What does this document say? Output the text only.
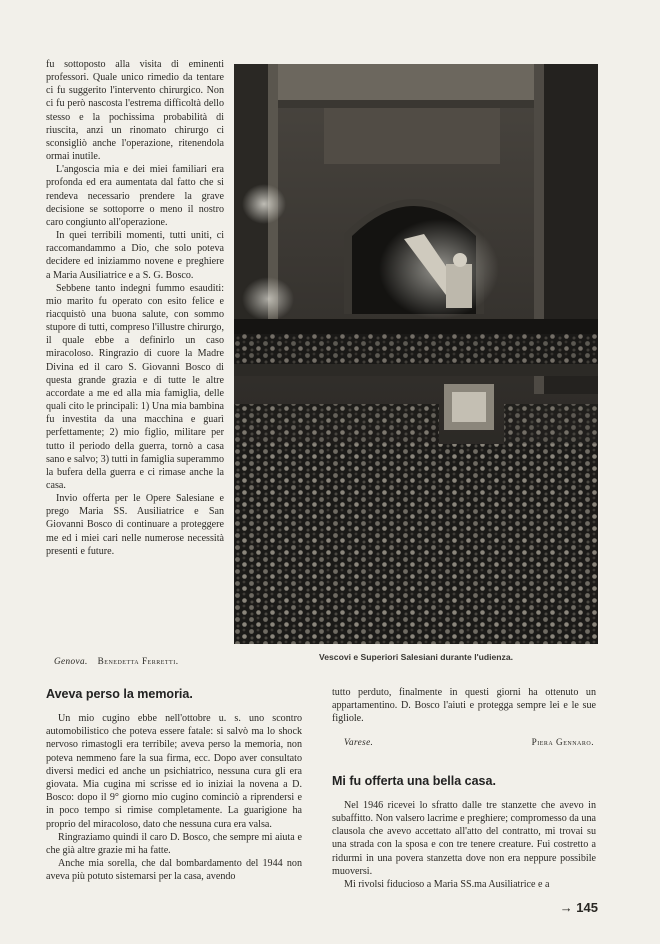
fu sottoposto alla visita di eminenti professori. Quale unico rimedio da tentare ci fu suggerito l'intervento chirurgico. Non ci fu però nascosta l'estrema difficoltà dello stesso e la pochissima probabilità di riuscita, anzi un rinomato chirurgo ci sconsigliò anche l'operazione, ritenendola ormai inutile.

L'angoscia mia e dei miei familiari era profonda ed era aumentata dal fatto che si rendeva necessario prendere la grave decisione se sottoporre o meno il nostro caro congiunto all'operazione.

In quei terribili momenti, tutti uniti, ci raccomandammo a Dio, che solo poteva decidere ed iniziammo novene e preghiere a Maria Ausiliatrice e a S. G. Bosco.

Sebbene tanto indegni fummo esauditi: mio marito fu operato con esito felice e riacquistò una buona salute, con sommo stupore di tutti, compreso l'illustre chirurgo, il quale ebbe a definirlo un caso miracoloso. Ringrazio di cuore la Madre Divina ed il caro S. Giovanni Bosco di questa grande grazia e di tutte le altre accordate a me ed alla mia famiglia, delle quali cito le principali: 1) Una mia bambina fu investita da una macchina e guarì perfettamente; 2) mio figlio, militare per tutto il periodo della guerra, tornò a casa sano e salvo; 3) tutti in famiglia superammo la bufera della guerra e ci rimase anche la casa.

Invio offerta per le Opere Salesiane e prego Maria SS. Ausiliatrice e San Giovanni Bosco di continuare a proteggere me ed i miei cari nelle numerose necessità presenti e future.

Genova. Benedetta Ferretti.	Vescovi e Superiori Salesiani durante l'udienza.
Aveva perso la memoria.

Un mio cugino ebbe nell'ottobre u. s. uno scontro automobilistico che poteva essere fatale: si salvò ma lo shock nervoso rimastogli era terribile; aveva perso la memoria, non poteva nemmeno fare la sua firma, ecc. Dopo aver consultato diversi medici ed anche un psichiatrico, nessuna cura gli era giovata. Mia cugina mi scrisse ed io iniziai la novena a D. Bosco: dopo il 9° giorno mio cugino cominciò a riprendersi e in poco tempo si rimise completamente. La guarigione ha proprio del miracoloso, dato che nessuna cura era valsa.

Ringraziamo quindi il caro D. Bosco, che sempre mi aiuta e che già altre grazie mi ha fatte.

Anche mia sorella, che dal bombardamento del 1944 non aveva più potuto sistemarsi per la casa, avendo

tutto perduto, finalmente in questi giorni ha ottenuto un appartamentino. D. Bosco l'aiuti e protegga sempre lei e le sue figliole.

Varese.	Piera Gennaro.
Mi fu offerta una bella casa.

Nel 1946 ricevei lo sfratto dalle tre stanzette che avevo in subaffitto. Non valsero lacrime e preghiere; compromesso da una clausola che avevo accettato all'atto del contratto, mi trovai su una strada con la sposa e con tre tenere creature. Fui costretto a ridurmi in una povera stanzetta dove non era neppure possibile muoversi.

Mi rivolsi fiducioso a Maria SS.ma Ausiliatrice e a

→ 145
